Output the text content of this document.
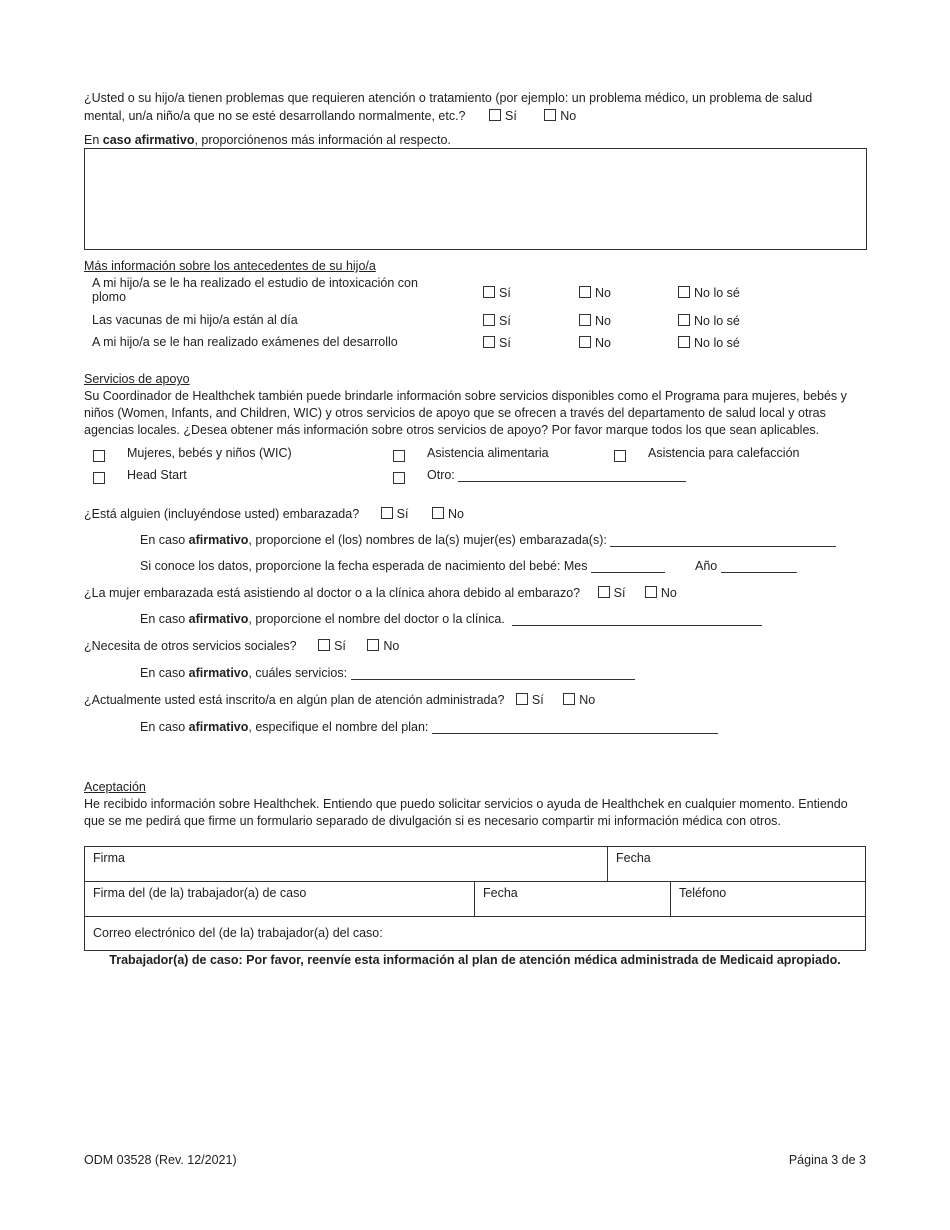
¿Usted o su hijo/a tienen problemas que requieren atención o tratamiento (por ejemplo: un problema médico, un problema de salud
mental, un/a niño/a que no se esté desarrollando normalmente, etc.?	Sí	No
En caso afirmativo, proporciónenos más información al respecto.
Más información sobre los antecedentes de su hijo/a
A mi hijo/a se le ha realizado el estudio de intoxicación con
plomo	Sí	No	No lo sé
Las vacunas de mi hijo/a están al día	Sí	No	No lo sé
A mi hijo/a se le han realizado exámenes del desarrollo	Sí	No	No lo sé
Servicios de apoyo
Su Coordinador de Healthchek también puede brindarle información sobre servicios disponibles como el Programa para mujeres, bebés y
niños (Women, Infants, and Children, WIC) y otros servicios de apoyo que se ofrecen a través del departamento de salud local y otras
agencias locales. ¿Desea obtener más información sobre otros servicios de apoyo? Por favor marque todos los que sean aplicables.
Mujeres, bebés y niños (WIC)	Asistencia alimentaria	Asistencia para calefacción
Head Start	Otro:
¿Está alguien (incluyéndose usted) embarazada?	Sí	No
En caso afirmativo, proporcione el (los) nombres de la(s) mujer(es) embarazada(s):
Si conoce los datos, proporcione la fecha esperada de nacimiento del bebé: Mes	Año
¿La mujer embarazada está asistiendo al doctor o a la clínica ahora debido al embarazo?	Sí	No
En caso afirmativo, proporcione el nombre del doctor o la clínica.
¿Necesita de otros servicios sociales?	Sí	No
En caso afirmativo, cuáles servicios:
¿Actualmente usted está inscrito/a en algún plan de atención administrada? Sí	No
En caso afirmativo, especifique el nombre del plan:
Aceptación
He recibido información sobre Healthchek. Entiendo que puedo solicitar servicios o ayuda de Healthchek en cualquier momento. Entiendo
que se me pedirá que firme un formulario separado de divulgación si es necesario compartir mi información médica con otros.
Firma	Fecha
Firma del (de la) trabajador(a) de caso	Fecha	Teléfono
Correo electrónico del (de la) trabajador(a) del caso:
Trabajador(a) de caso: Por favor, reenvíe esta información al plan de atención médica administrada de Medicaid apropiado.
ODM 03528 (Rev. 12/2021)	Página 3 de 3
